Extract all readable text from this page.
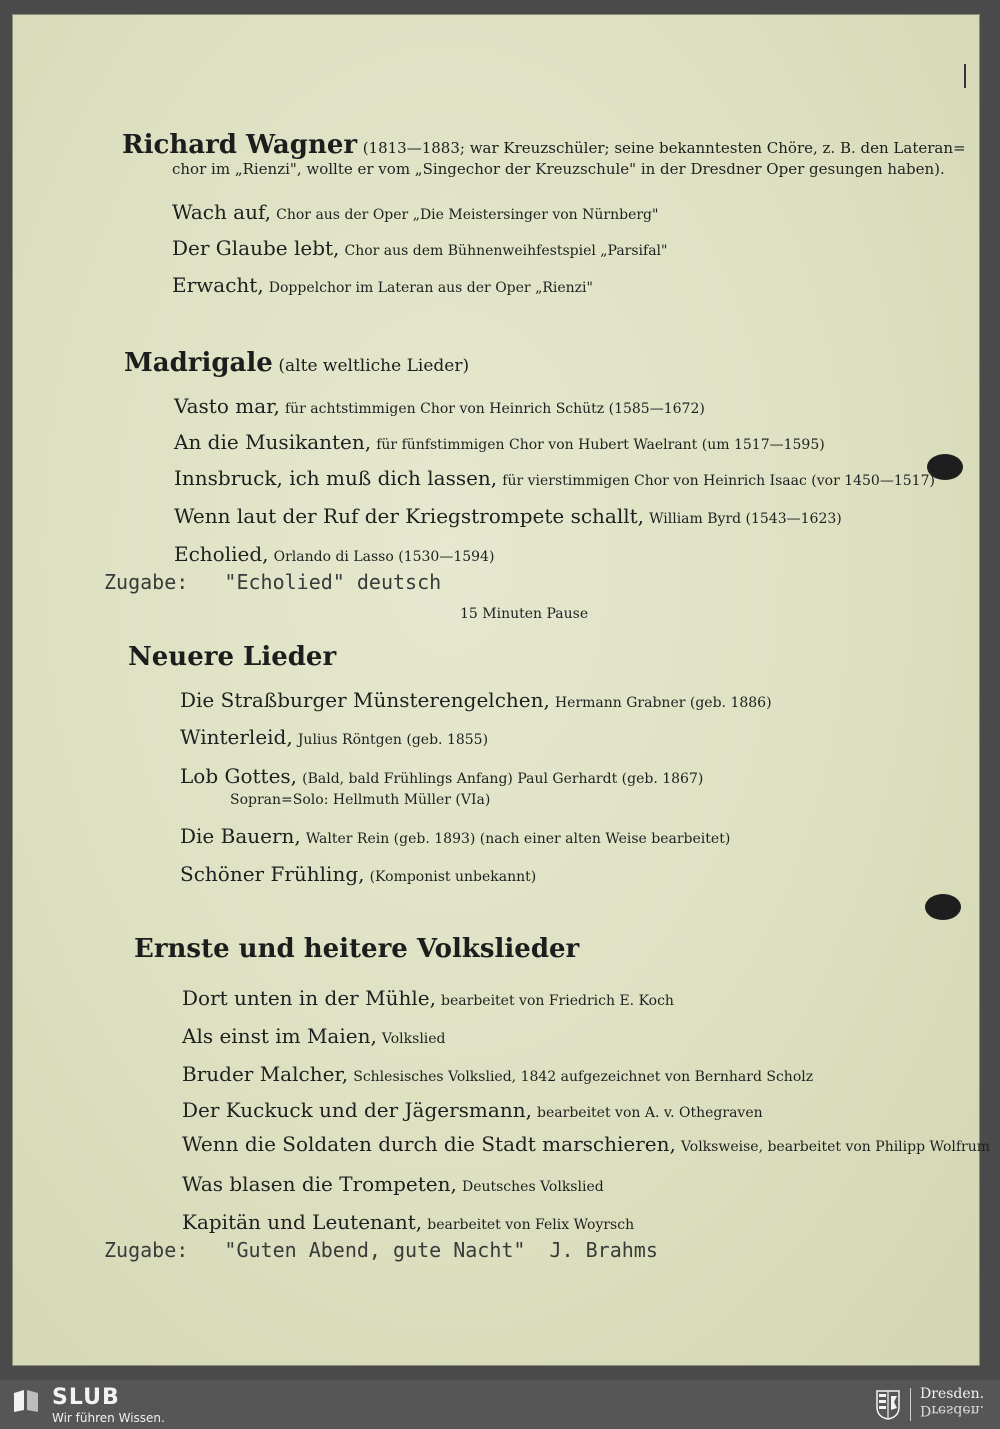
Richard Wagner (1813—1883; war Kreuzschüler; seine bekanntesten Chöre, z. B. den Lateran=
chor im „Rienzi", wollte er vom „Singechor der Kreuzschule" in der Dresdner Oper gesungen haben).
Wach auf, Chor aus der Oper „Die Meistersinger von Nürnberg"
Der Glaube lebt, Chor aus dem Bühnenweihfestspiel „Parsifal"
Erwacht, Doppelchor im Lateran aus der Oper „Rienzi"
Madrigale (alte weltliche Lieder)
Vasto mar, für achtstimmigen Chor von Heinrich Schütz (1585—1672)
An die Musikanten, für fünfstimmigen Chor von Hubert Waelrant (um 1517—1595)
Innsbruck, ich muß dich lassen, für vierstimmigen Chor von Heinrich Isaac (vor 1450—1517)
Wenn laut der Ruf der Kriegstrompete schallt, William Byrd (1543—1623)
Echolied, Orlando di Lasso (1530—1594)
Zugabe:   "Echolied" deutsch
15 Minuten Pause
Neuere Lieder
Die Straßburger Münsterengelchen, Hermann Grabner (geb. 1886)
Winterleid, Julius Röntgen (geb. 1855)
Lob Gottes, (Bald, bald Frühlings Anfang) Paul Gerhardt (geb. 1867)
Sopran=Solo: Hellmuth Müller (VIa)
Die Bauern, Walter Rein (geb. 1893) (nach einer alten Weise bearbeitet)
Schöner Frühling, (Komponist unbekannt)
Ernste und heitere Volkslieder
Dort unten in der Mühle, bearbeitet von Friedrich E. Koch
Als einst im Maien, Volkslied
Bruder Malcher, Schlesisches Volkslied, 1842 aufgezeichnet von Bernhard Scholz
Der Kuckuck und der Jägersmann, bearbeitet von A. v. Othegraven
Wenn die Soldaten durch die Stadt marschieren, Volksweise, bearbeitet von Philipp Wolfrum
Was blasen die Trompeten, Deutsches Volkslied
Kapitän und Leutenant, bearbeitet von Felix Woyrsch
Zugabe:   "Guten Abend, gute Nacht"  J. Brahms
SLUB
Wir führen Wissen.
Dresden.
Dresden.
